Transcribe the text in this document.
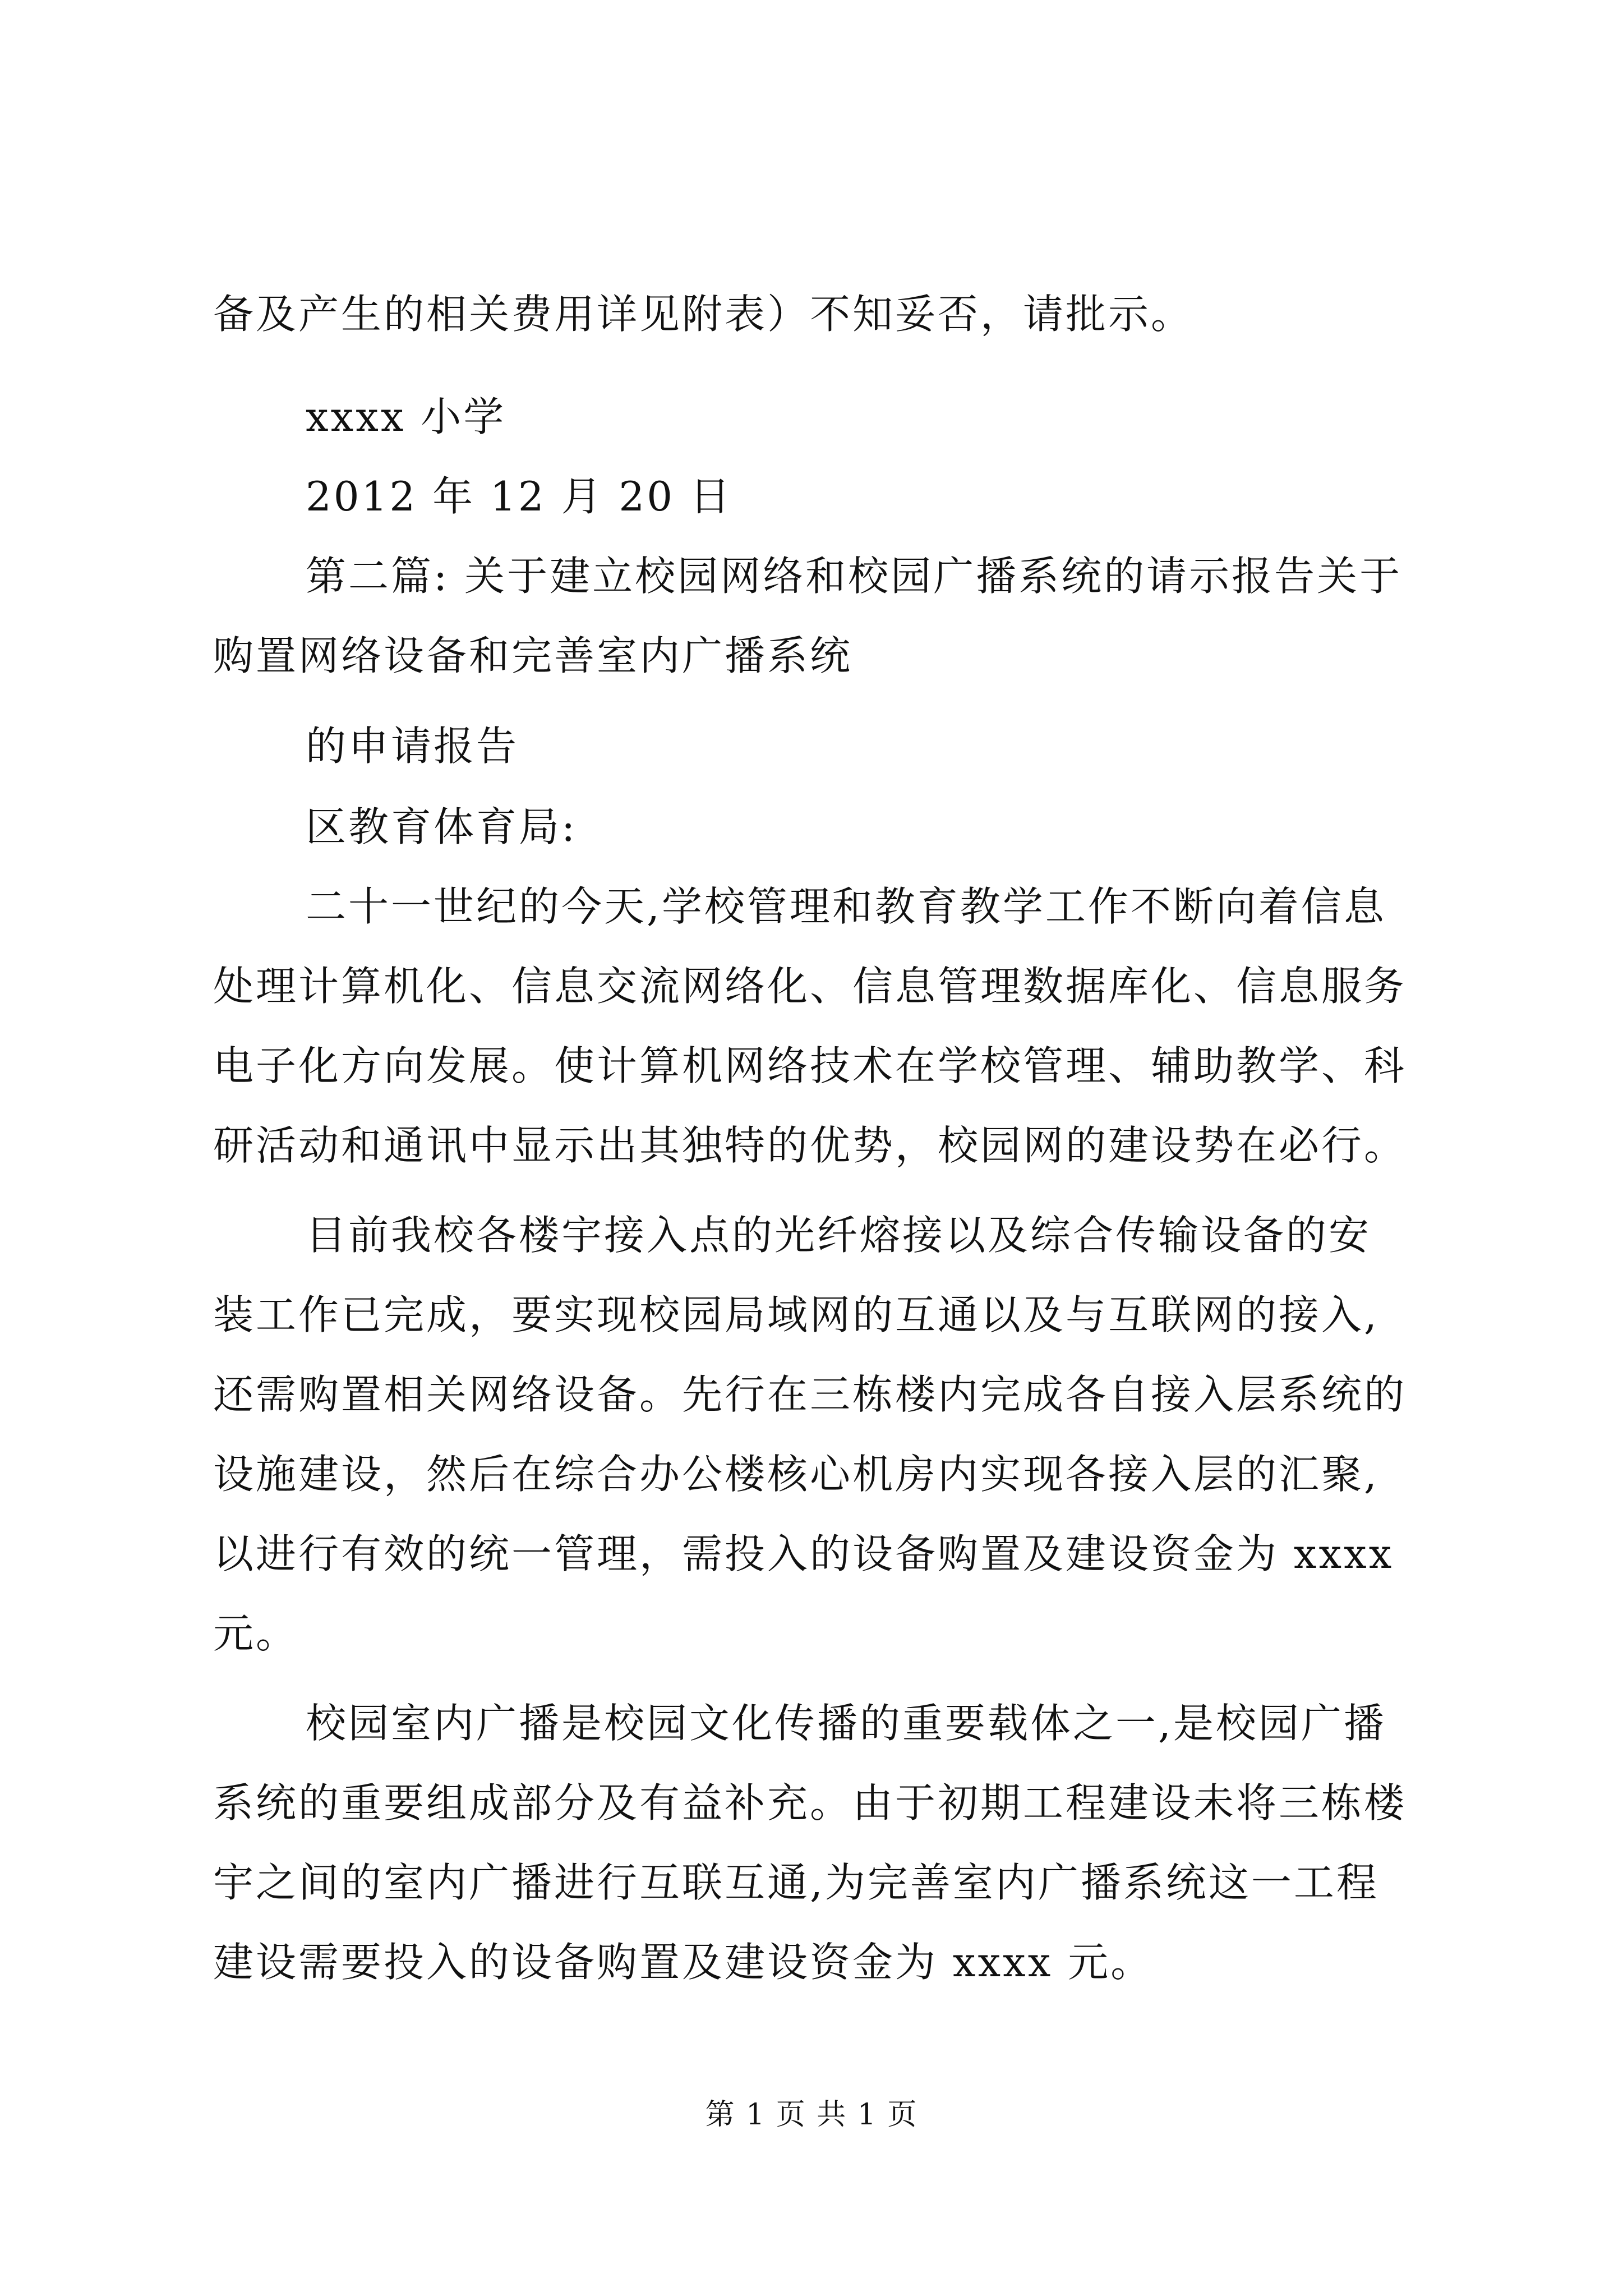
备及产生的相关费用详见附表）不知妥否，请批示。
xxxx 小学
2012 年 12 月 20 日
第二篇: 关于建立校园网络和校园广播系统的请示报告关于
购置网络设备和完善室内广播系统
的申请报告
区教育体育局:
二十一世纪的今天,学校管理和教育教学工作不断向着信息
处理计算机化、信息交流网络化、信息管理数据库化、信息服务
电子化方向发展。使计算机网络技术在学校管理、辅助教学、科
研活动和通讯中显示出其独特的优势，校园网的建设势在必行。
目前我校各楼宇接入点的光纤熔接以及综合传输设备的安
装工作已完成，要实现校园局域网的互通以及与互联网的接入,
还需购置相关网络设备。先行在三栋楼内完成各自接入层系统的
设施建设，然后在综合办公楼核心机房内实现各接入层的汇聚,
以进行有效的统一管理，需投入的设备购置及建设资金为 xxxx
元。
校园室内广播是校园文化传播的重要载体之一,是校园广播
系统的重要组成部分及有益补充。由于初期工程建设未将三栋楼
宇之间的室内广播进行互联互通,为完善室内广播系统这一工程
建设需要投入的设备购置及建设资金为 xxxx 元。
第 1 页 共 1 页
